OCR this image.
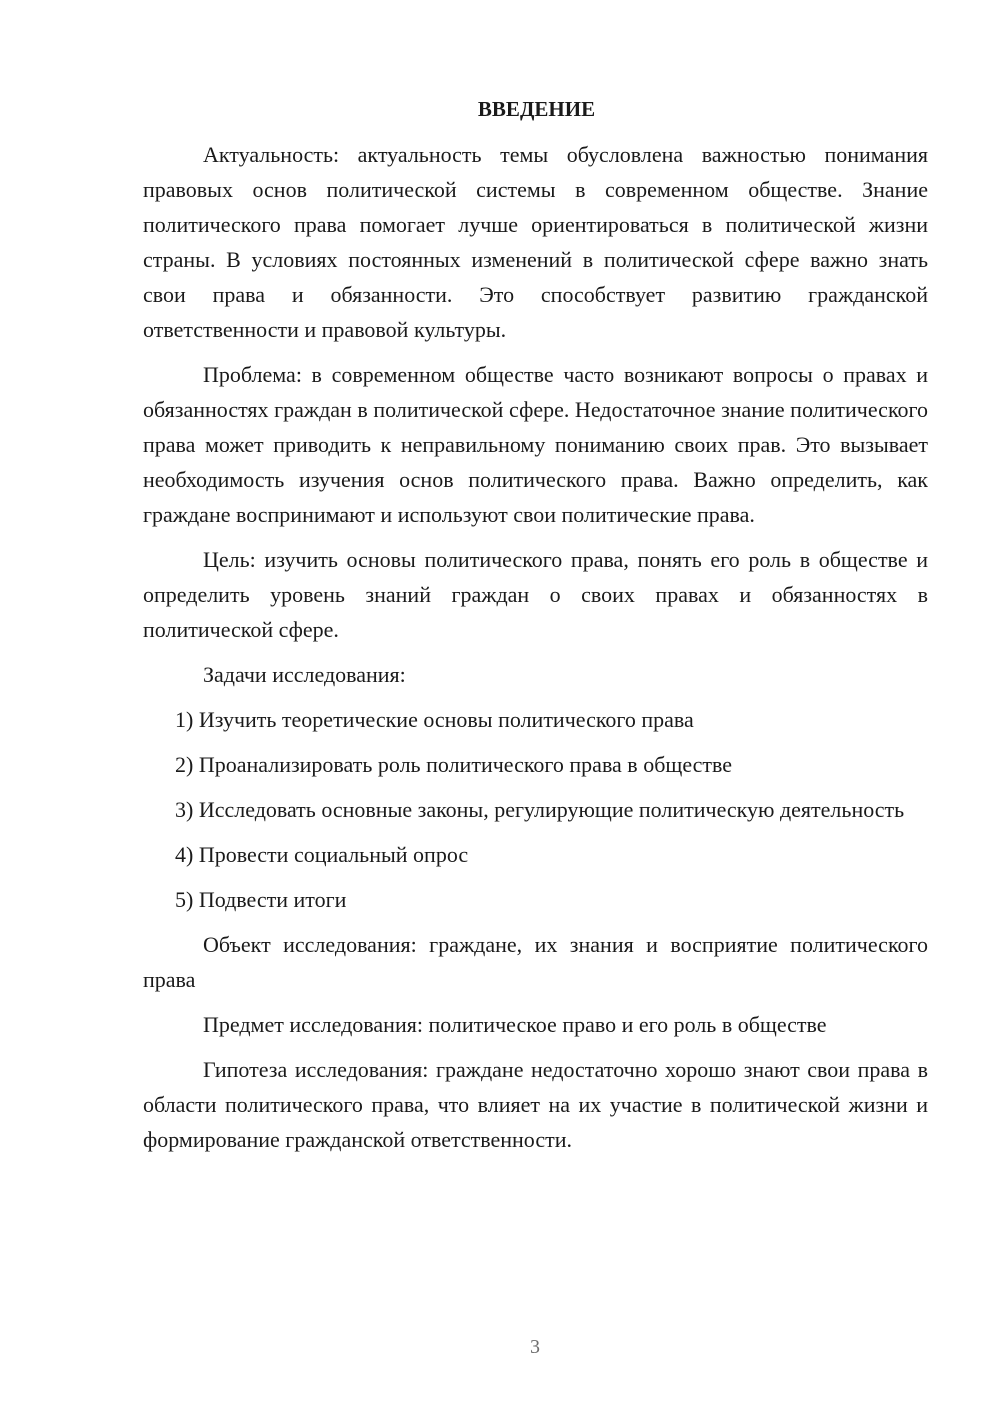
ВВЕДЕНИЕ

Актуальность: актуальность темы обусловлена важностью понимания правовых основ политической системы в современном обществе. Знание политического права помогает лучше ориентироваться в политической жизни страны. В условиях постоянных изменений в политической сфере важно знать свои права и обязанности. Это способствует развитию гражданской ответственности и правовой культуры.

Проблема: в современном обществе часто возникают вопросы о правах и обязанностях граждан в политической сфере. Недостаточное знание политического права может приводить к неправильному пониманию своих прав. Это вызывает необходимость изучения основ политического права. Важно определить, как граждане воспринимают и используют свои политические права.

Цель: изучить основы политического права, понять его роль в обществе и определить уровень знаний граждан о своих правах и обязанностях в политической сфере.

Задачи исследования:

1) Изучить теоретические основы политического права

2) Проанализировать роль политического права в обществе

3) Исследовать основные законы, регулирующие политическую деятельность

4) Провести социальный опрос

5) Подвести итоги

Объект исследования: граждане, их знания и восприятие политического права

Предмет исследования: политическое право и его роль в обществе

Гипотеза исследования: граждане недостаточно хорошо знают свои права в области политического права, что влияет на их участие в политической жизни и формирование гражданской ответственности.

3
